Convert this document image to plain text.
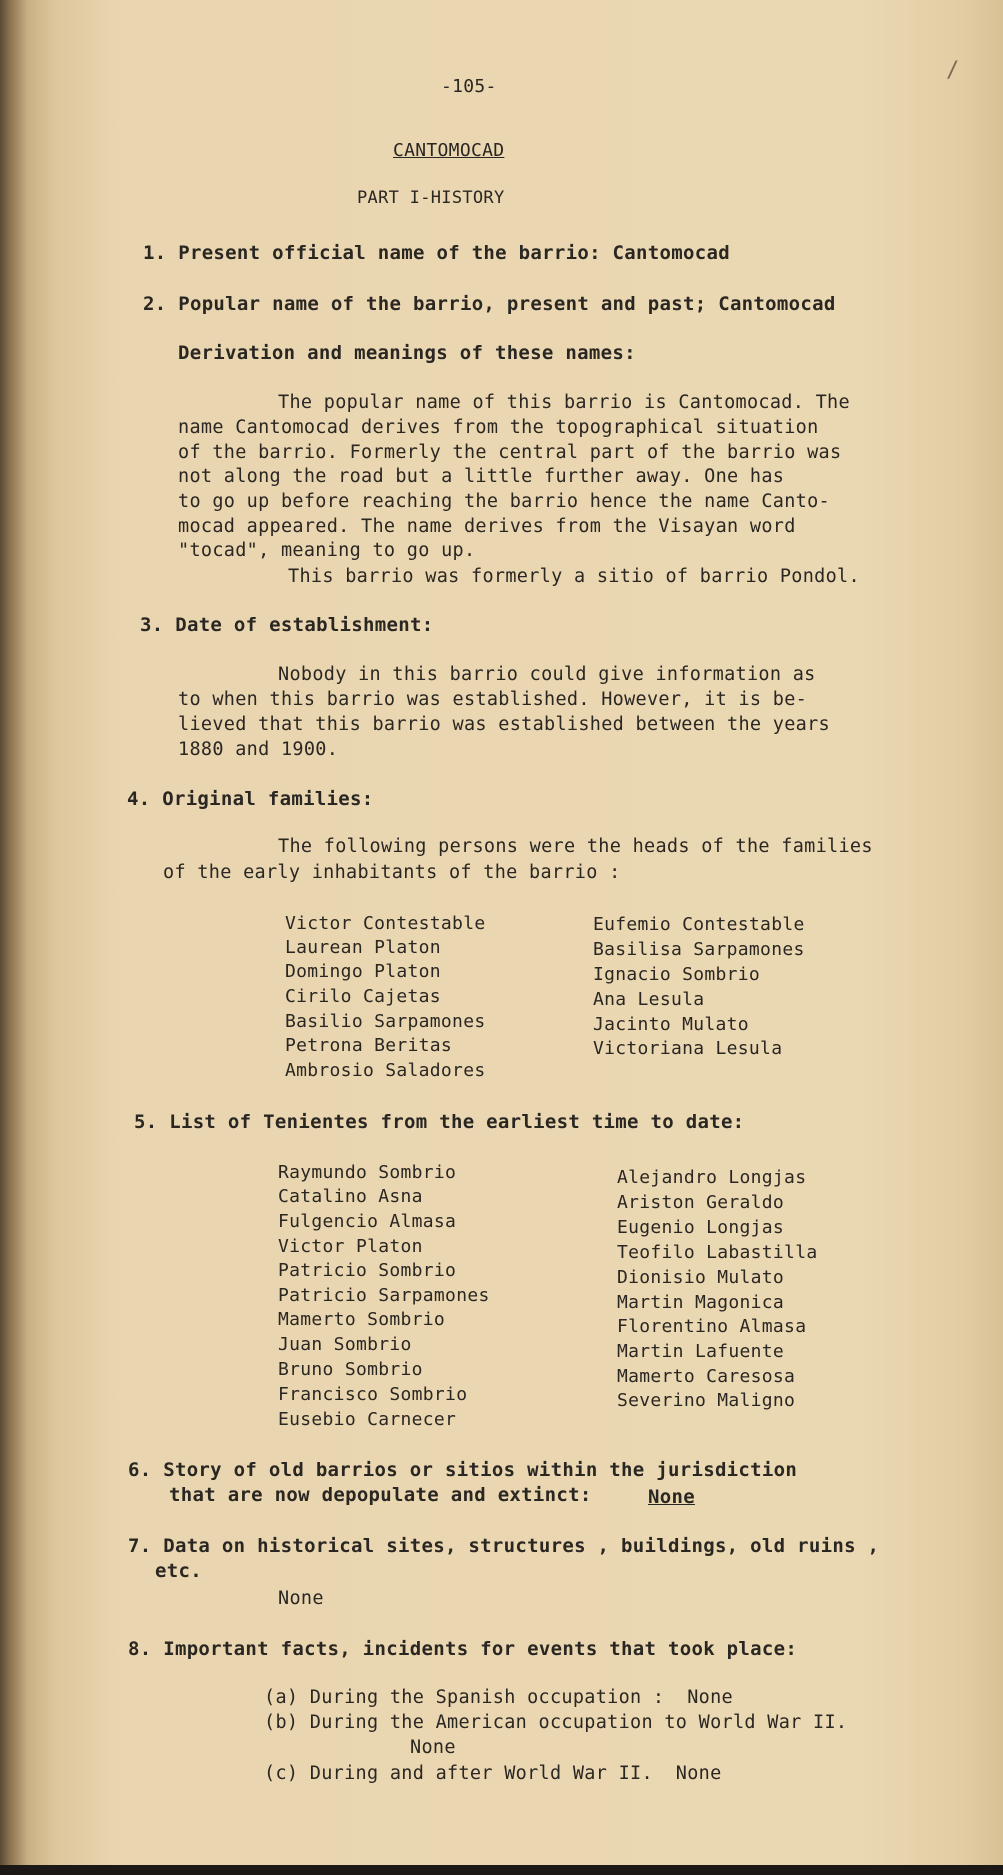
/
-105-
CANTOMOCAD
PART I-HISTORY
1. Present official name of the barrio: Cantomocad
2. Popular name of the barrio, present and past; Cantomocad
Derivation and meanings of these names:
The popular name of this barrio is Cantomocad. The
name Cantomocad derives from the topographical situation
of the barrio. Formerly the central part of the barrio was
not along the road but a little further away. One has
to go up before reaching the barrio hence the name Canto-
mocad appeared. The name derives from the Visayan word
"tocad", meaning to go up.
This barrio was formerly a sitio of barrio Pondol.
3. Date of establishment:
Nobody in this barrio could give information as
to when this barrio was established. However, it is be-
lieved that this barrio was established between the years
1880 and 1900.
4. Original families:
The following persons were the heads of the families
of the early inhabitants of the barrio :
Victor Contestable
Laurean Platon
Domingo Platon
Cirilo Cajetas
Basilio Sarpamones
Petrona Beritas
Ambrosio Saladores
Eufemio Contestable
Basilisa Sarpamones
Ignacio Sombrio
Ana Lesula
Jacinto Mulato
Victoriana Lesula
5. List of Tenientes from the earliest time to date:
Raymundo Sombrio
Catalino Asna
Fulgencio Almasa
Victor Platon
Patricio Sombrio
Patricio Sarpamones
Mamerto Sombrio
Juan Sombrio
Bruno Sombrio
Francisco Sombrio
Eusebio Carnecer
Alejandro Longjas
Ariston Geraldo
Eugenio Longjas
Teofilo Labastilla
Dionisio Mulato
Martin Magonica
Florentino Almasa
Martin Lafuente
Mamerto Caresosa
Severino Maligno
6. Story of old barrios or sitios within the jurisdiction
that are now depopulate and extinct:	None
7. Data on historical sites, structures , buildings, old ruins ,
etc.
None
8. Important facts, incidents for events that took place:
(a) During the Spanish occupation :  None
(b) During the American occupation to World War II.
None
(c) During and after World War II.  None
